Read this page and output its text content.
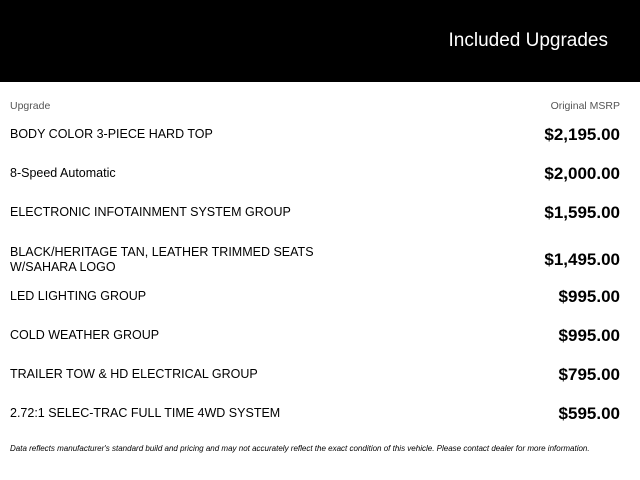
Included Upgrades
Upgrade	Original MSRP
BODY COLOR 3-PIECE HARD TOP	$2,195.00
8-Speed Automatic	$2,000.00
ELECTRONIC INFOTAINMENT SYSTEM GROUP	$1,595.00
BLACK/HERITAGE TAN, LEATHER TRIMMED SEATS W/SAHARA LOGO	$1,495.00
LED LIGHTING GROUP	$995.00
COLD WEATHER GROUP	$995.00
TRAILER TOW & HD ELECTRICAL GROUP	$795.00
2.72:1 SELEC-TRAC FULL TIME 4WD SYSTEM	$595.00
Data reflects manufacturer's standard build and pricing and may not accurately reflect the exact condition of this vehicle. Please contact dealer for more information.
